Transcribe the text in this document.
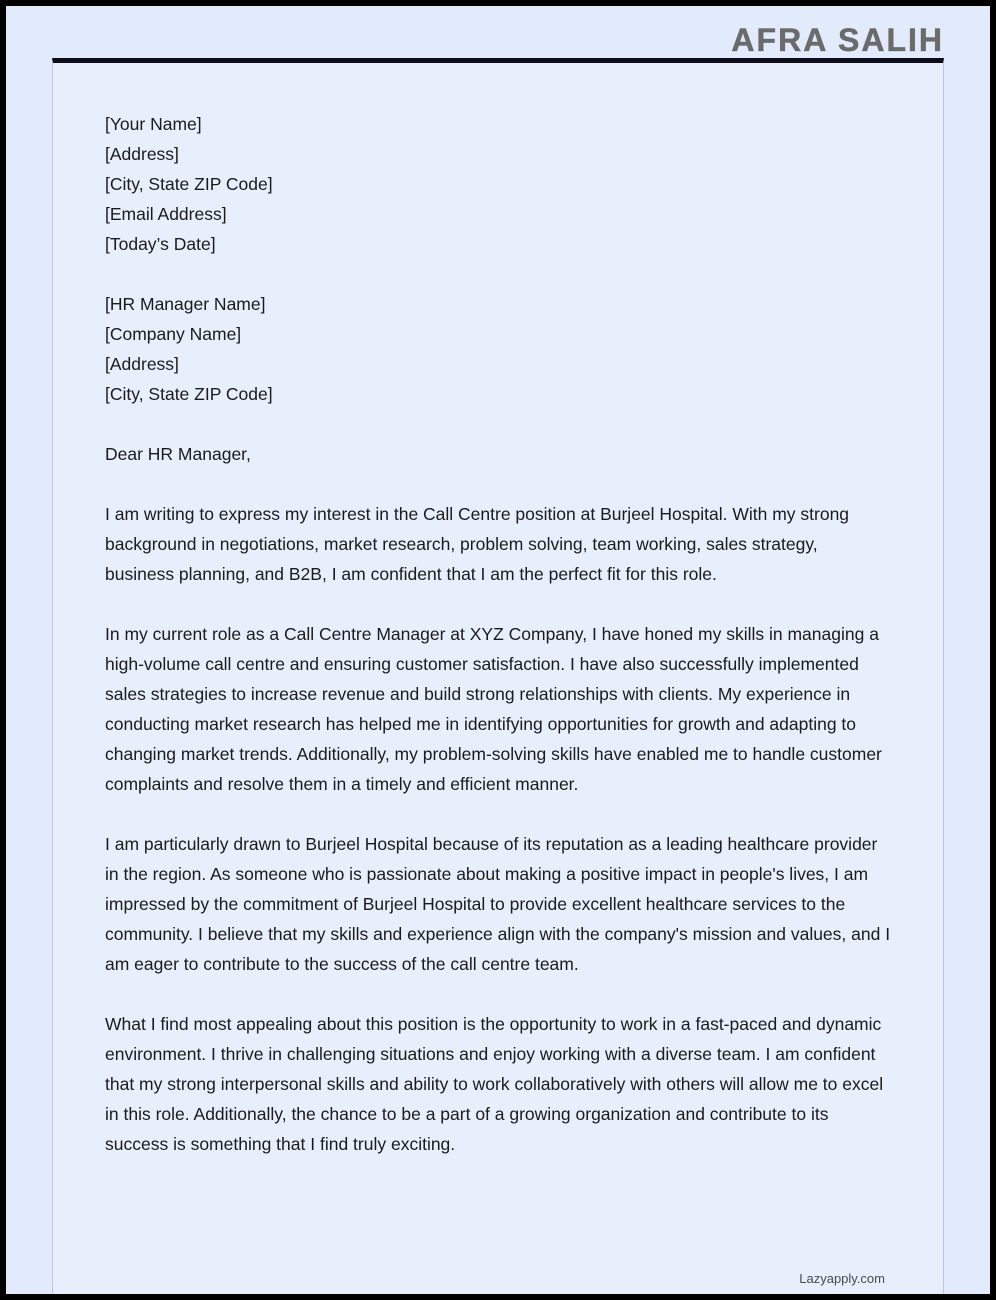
AFRA SALIH
[Your Name]
[Address]
[City, State ZIP Code]
[Email Address]
[Today’s Date]
[HR Manager Name]
[Company Name]
[Address]
[City, State ZIP Code]
Dear HR Manager,

I am writing to express my interest in the Call Centre position at Burjeel Hospital. With my strong background in negotiations, market research, problem solving, team working, sales strategy, business planning, and B2B, I am confident that I am the perfect fit for this role.

In my current role as a Call Centre Manager at XYZ Company, I have honed my skills in managing a high-volume call centre and ensuring customer satisfaction. I have also successfully implemented sales strategies to increase revenue and build strong relationships with clients. My experience in conducting market research has helped me in identifying opportunities for growth and adapting to changing market trends. Additionally, my problem-solving skills have enabled me to handle customer complaints and resolve them in a timely and efficient manner.

I am particularly drawn to Burjeel Hospital because of its reputation as a leading healthcare provider in the region. As someone who is passionate about making a positive impact in people's lives, I am impressed by the commitment of Burjeel Hospital to provide excellent healthcare services to the community. I believe that my skills and experience align with the company's mission and values, and I am eager to contribute to the success of the call centre team.

What I find most appealing about this position is the opportunity to work in a fast-paced and dynamic environment. I thrive in challenging situations and enjoy working with a diverse team. I am confident that my strong interpersonal skills and ability to work collaboratively with others will allow me to excel in this role. Additionally, the chance to be a part of a growing organization and contribute to its success is something that I find truly exciting.

Lazyapply.com
